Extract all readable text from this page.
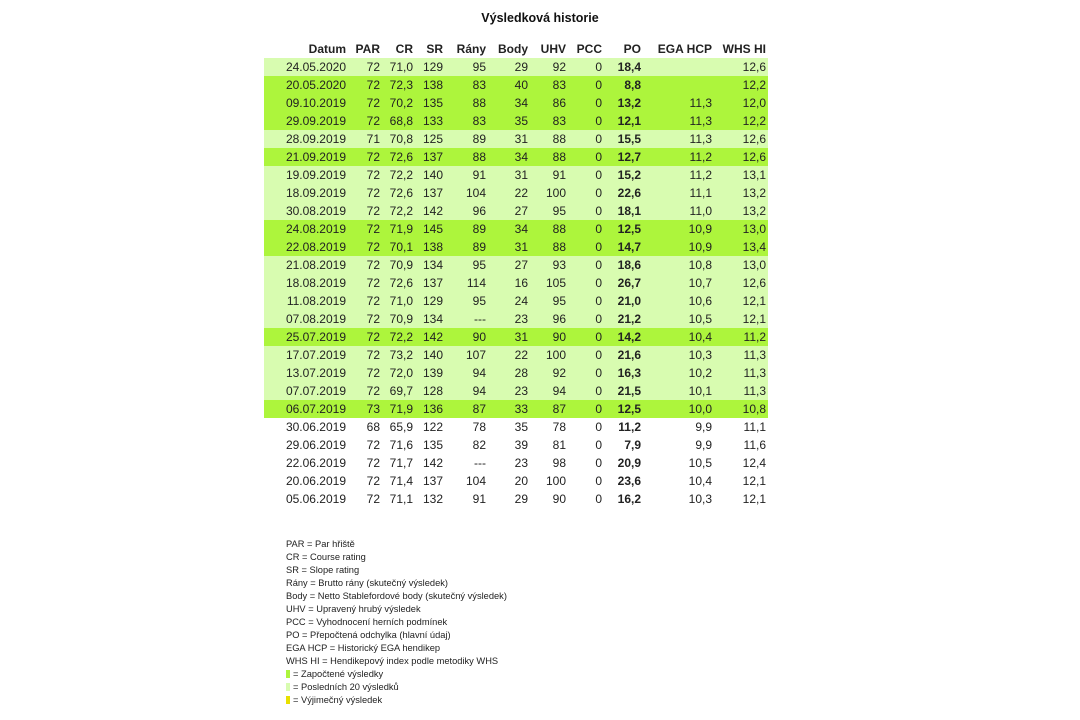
Výsledková historie
Datum	PAR	CR	SR	Rány	Body	UHV	PCC	PO	EGA HCP	WHS HI
24.05.2020	72	71,0	129	95	29	92	0	18,4		12,6
20.05.2020	72	72,3	138	83	40	83	0	8,8		12,2
09.10.2019	72	70,2	135	88	34	86	0	13,2	11,3	12,0
29.09.2019	72	68,8	133	83	35	83	0	12,1	11,3	12,2
28.09.2019	71	70,8	125	89	31	88	0	15,5	11,3	12,6
21.09.2019	72	72,6	137	88	34	88	0	12,7	11,2	12,6
19.09.2019	72	72,2	140	91	31	91	0	15,2	11,2	13,1
18.09.2019	72	72,6	137	104	22	100	0	22,6	11,1	13,2
30.08.2019	72	72,2	142	96	27	95	0	18,1	11,0	13,2
24.08.2019	72	71,9	145	89	34	88	0	12,5	10,9	13,0
22.08.2019	72	70,1	138	89	31	88	0	14,7	10,9	13,4
21.08.2019	72	70,9	134	95	27	93	0	18,6	10,8	13,0
18.08.2019	72	72,6	137	114	16	105	0	26,7	10,7	12,6
11.08.2019	72	71,0	129	95	24	95	0	21,0	10,6	12,1
07.08.2019	72	70,9	134	---	23	96	0	21,2	10,5	12,1
25.07.2019	72	72,2	142	90	31	90	0	14,2	10,4	11,2
17.07.2019	72	73,2	140	107	22	100	0	21,6	10,3	11,3
13.07.2019	72	72,0	139	94	28	92	0	16,3	10,2	11,3
07.07.2019	72	69,7	128	94	23	94	0	21,5	10,1	11,3
06.07.2019	73	71,9	136	87	33	87	0	12,5	10,0	10,8
30.06.2019	68	65,9	122	78	35	78	0	11,2	9,9	11,1
29.06.2019	72	71,6	135	82	39	81	0	7,9	9,9	11,6
22.06.2019	72	71,7	142	---	23	98	0	20,9	10,5	12,4
20.06.2019	72	71,4	137	104	20	100	0	23,6	10,4	12,1
05.06.2019	72	71,1	132	91	29	90	0	16,2	10,3	12,1
PAR = Par hřiště
CR = Course rating
SR = Slope rating
Rány = Brutto rány (skutečný výsledek)
Body = Netto Stablefordové body (skutečný výsledek)
UHV = Upravený hrubý výsledek
PCC = Vyhodnocení herních podmínek
PO = Přepočtená odchylka (hlavní údaj)
EGA HCP = Historický EGA hendikep
WHS HI = Hendikepový index podle metodiky WHS
= Započtené výsledky
= Posledních 20 výsledků
= Výjimečný výsledek
